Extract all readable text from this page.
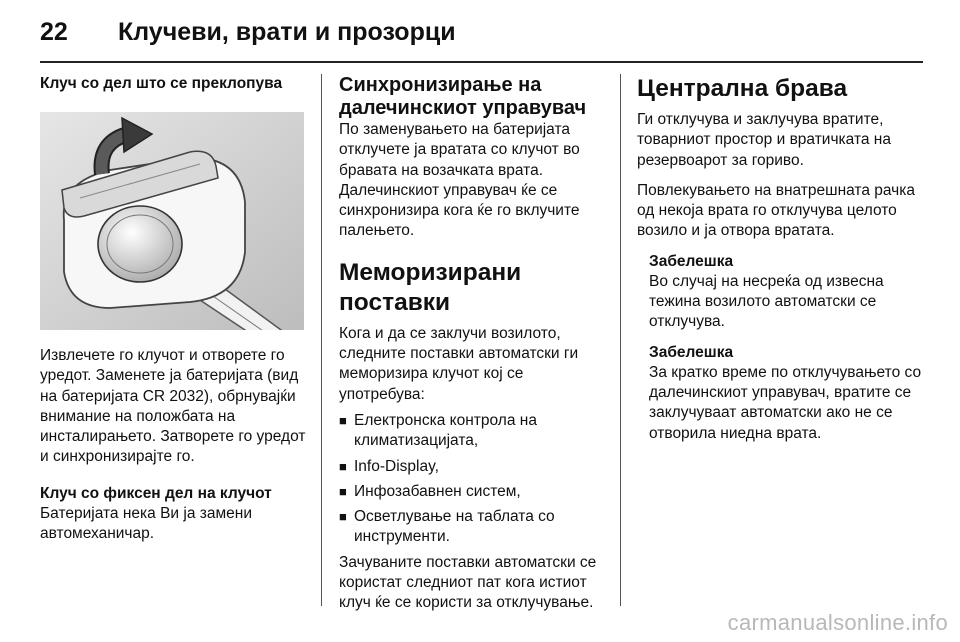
22 Клучеви, врати и прозорци

Клуч со дел што се преклопува

Извлечете го клучот и отворете го уредот. Заменете ја батеријата (вид на батеријата CR 2032), обрнувајќи внимание на положбата на инсталирањето. Затворете го уредот и синхронизирајте го.

Клуч со фиксен дел на клучот

Батеријата нека Ви ја замени автомеханичар.

Синхронизирање на далечинскиот управувач

По заменувањето на батеријата отклучете ја вратата со клучот во бравата на возачката врата. Далечинскиот управувач ќе се синхронизира кога ќе го вклучите палењето.

Меморизирани поставки

Кога и да се заклучи возилото, следните поставки автоматски ги меморизира клучот кој се употребува:

■ Електронска контрола на климатизацијата,
■ Info-Display,
■ Инфозабавнен систем,
■ Осветлување на таблата со инструменти.

Зачуваните поставки автоматски се користат следниот пат кога истиот клуч ќе се користи за отклучување.

Централна брава

Ги отклучува и заклучува вратите, товарниот простор и вратичката на резервоарот за гориво.

Повлекувањето на внатрешната рачка од некоја врата го отклучува целото возило и ја отвора вратата.

Забелешка

Во случај на несреќа од извесна тежина возилото автоматски се отклучува.

Забелешка

За кратко време по отклучувањето со далечинскиот управувач, вратите се заклучуваат автоматски ако не се отворила ниедна врата.

carmanualsonline.info
